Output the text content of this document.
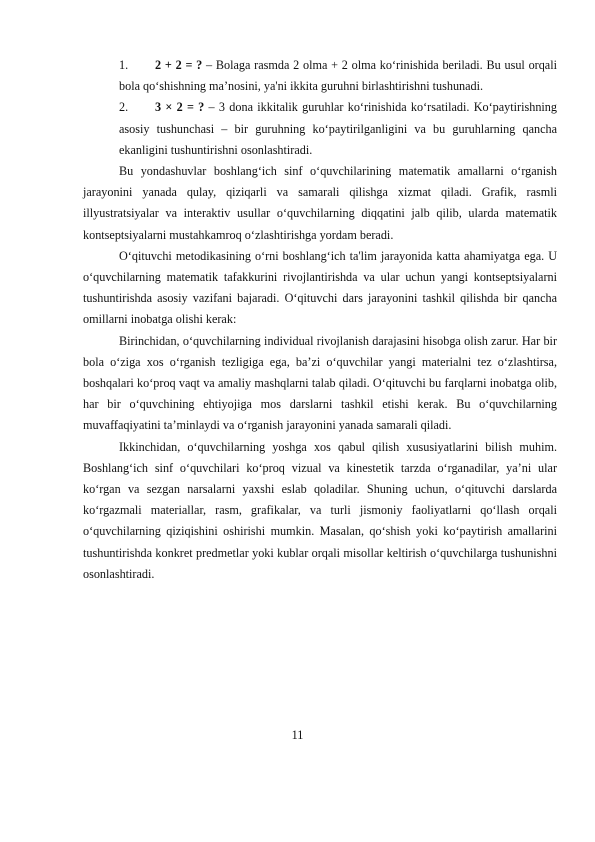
1. 2 + 2 = ? – Bolaga rasmda 2 olma + 2 olma ko‘rinishida beriladi. Bu usul orqali bola qo‘shishning ma’nosini, ya'ni ikkita guruhni birlashtirishni tushunadi.

2. 3 × 2 = ? – 3 dona ikkitalik guruhlar ko‘rinishida ko‘rsatiladi. Ko‘paytirishning asosiy tushunchasi – bir guruhning ko‘paytirilganligini va bu guruhlarning qancha ekanligini tushuntirishni osonlashtiradi.

Bu yondashuvlar boshlang‘ich sinf o‘quvchilarining matematik amallarni o‘rganish jarayonini yanada qulay, qiziqarli va samarali qilishga xizmat qiladi. Grafik, rasmli illyustratsiyalar va interaktiv usullar o‘quvchilarning diqqatini jalb qilib, ularda matematik kontseptsiyalarni mustahkamroq o‘zlashtirishga yordam beradi.

O‘qituvchi metodikasining o‘rni boshlang‘ich ta'lim jarayonida katta ahamiyatga ega. U o‘quvchilarning matematik tafakkurini rivojlantirishda va ular uchun yangi kontseptsiyalarni tushuntirishda asosiy vazifani bajaradi. O‘qituvchi dars jarayonini tashkil qilishda bir qancha omillarni inobatga olishi kerak:

Birinchidan, o‘quvchilarning individual rivojlanish darajasini hisobga olish zarur. Har bir bola o‘ziga xos o‘rganish tezligiga ega, ba’zi o‘quvchilar yangi materialni tez o‘zlashtirsa, boshqalari ko‘proq vaqt va amaliy mashqlarni talab qiladi. O‘qituvchi bu farqlarni inobatga olib, har bir o‘quvchining ehtiyojiga mos darslarni tashkil etishi kerak. Bu o‘quvchilarning muvaffaqiyatini ta’minlaydi va o‘rganish jarayonini yanada samarali qiladi.

Ikkinchidan, o‘quvchilarning yoshga xos qabul qilish xususiyatlarini bilish muhim. Boshlang‘ich sinf o‘quvchilari ko‘proq vizual va kinestetik tarzda o‘rganadilar, ya’ni ular ko‘rgan va sezgan narsalarni yaxshi eslab qoladilar. Shuning uchun, o‘qituvchi darslarda ko‘rgazmali materiallar, rasm, grafikalar, va turli jismoniy faoliyatlarni qo‘llash orqali o‘quvchilarning qiziqishini oshirishi mumkin. Masalan, qo‘shish yoki ko‘paytirish amallarini tushuntirishda konkret predmetlar yoki kublar orqali misollar keltirish o‘quvchilarga tushunishni osonlashtiradi.

11
